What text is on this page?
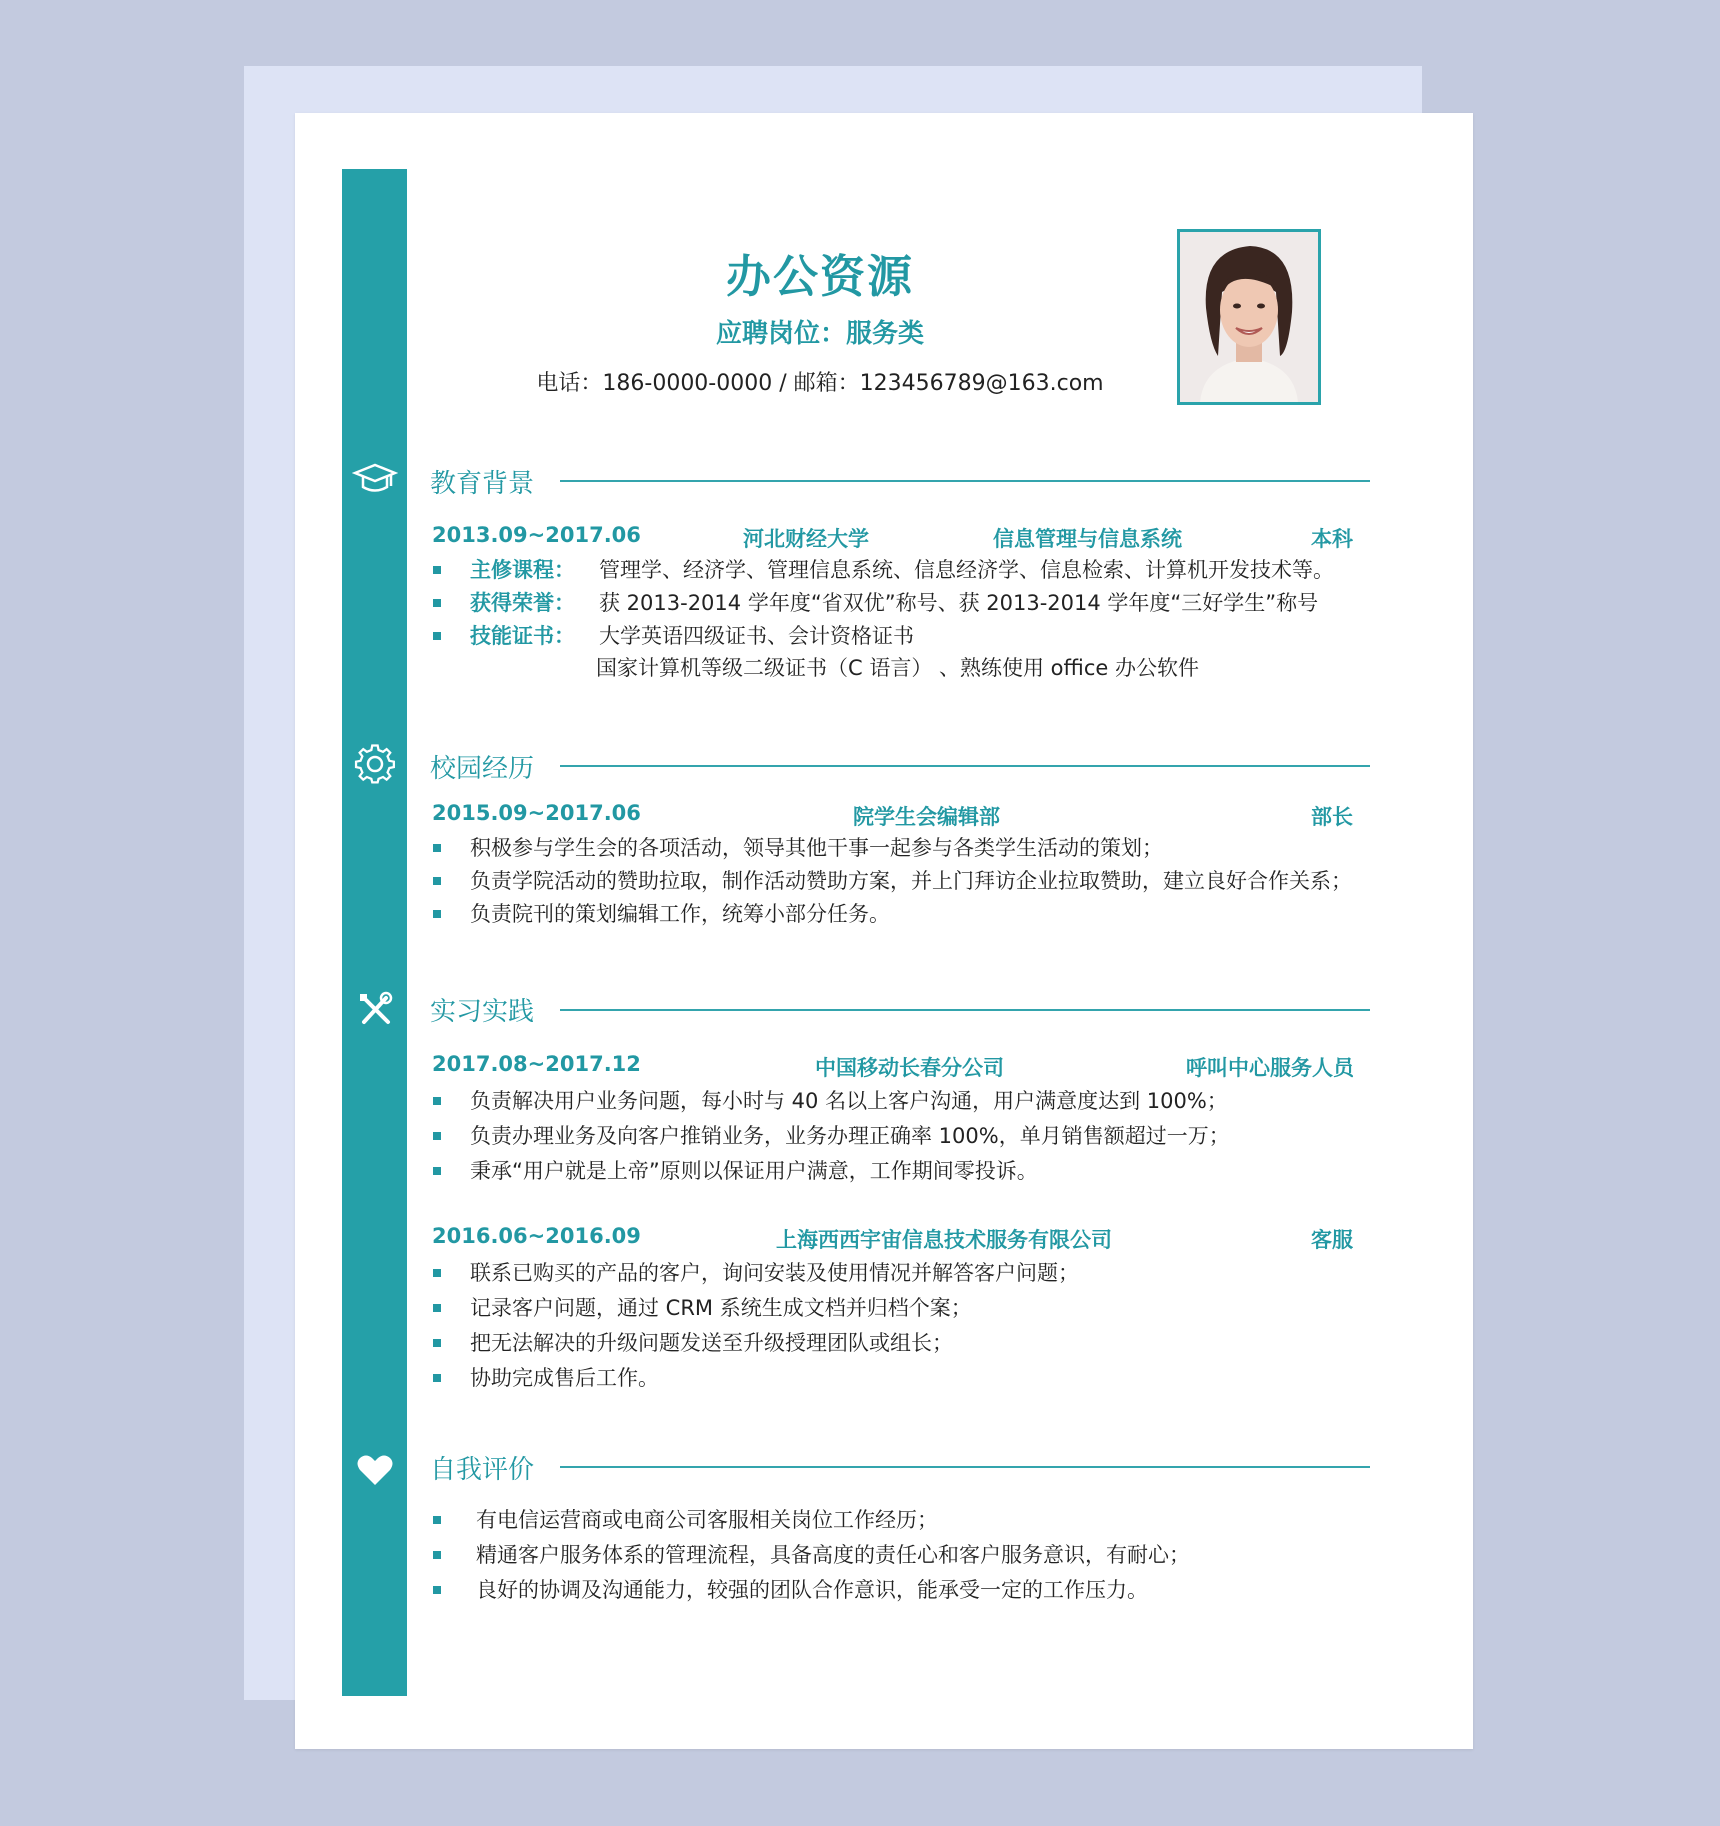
办公资源
应聘岗位：服务类
电话：186-0000-0000 / 邮箱：123456789@163.com
教育背景
2013.09~2017.06	河北财经大学	信息管理与信息系统	本科
主修课程： 管理学、经济学、管理信息系统、信息经济学、信息检索、计算机开发技术等。
获得荣誉： 获 2013-2014 学年度“省双优”称号、获 2013-2014 学年度“三好学生”称号
技能证书： 大学英语四级证书、会计资格证书
国家计算机等级二级证书（C 语言） 、熟练使用 office 办公软件
校园经历
2015.09~2017.06	院学生会编辑部	部长
积极参与学生会的各项活动，领导其他干事一起参与各类学生活动的策划；
负责学院活动的赞助拉取，制作活动赞助方案，并上门拜访企业拉取赞助，建立良好合作关系；
负责院刊的策划编辑工作，统筹小部分任务。
实习实践
2017.08~2017.12	中国移动长春分公司	呼叫中心服务人员
负责解决用户业务问题，每小时与 40 名以上客户沟通，用户满意度达到 100%；
负责办理业务及向客户推销业务，业务办理正确率 100%，单月销售额超过一万；
秉承“用户就是上帝”原则以保证用户满意，工作期间零投诉。
2016.06~2016.09	上海西西宇宙信息技术服务有限公司	客服
联系已购买的产品的客户，询问安装及使用情况并解答客户问题；
记录客户问题，通过 CRM 系统生成文档并归档个案；
把无法解决的升级问题发送至升级授理团队或组长；
协助完成售后工作。
自我评价
有电信运营商或电商公司客服相关岗位工作经历；
精通客户服务体系的管理流程，具备高度的责任心和客户服务意识，有耐心；
良好的协调及沟通能力，较强的团队合作意识，能承受一定的工作压力。
